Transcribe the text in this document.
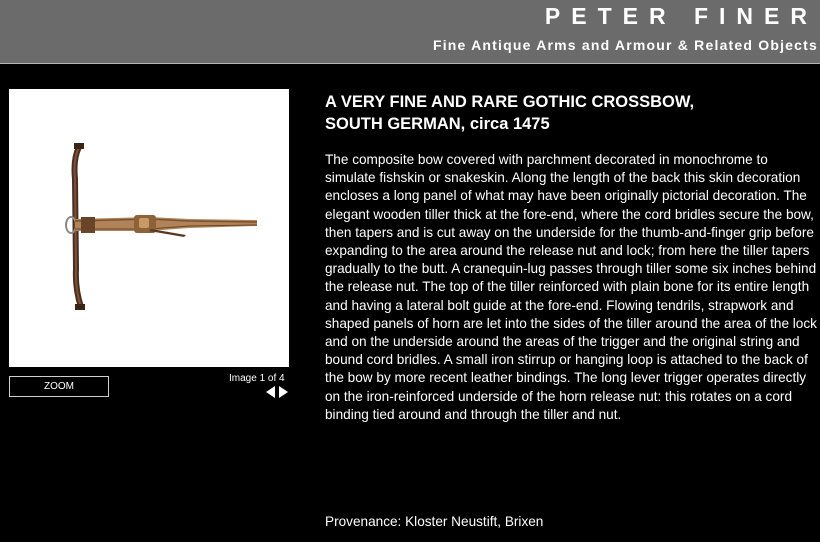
PETER FINER
Fine Antique Arms and Armour & Related Objects
ZOOM
Image 1 of 4
A VERY FINE AND RARE GOTHIC CROSSBOW,
SOUTH GERMAN, circa 1475
The composite bow covered with parchment decorated in monochrome to simulate fishskin or snakeskin. Along the length of the back this skin decoration encloses a long panel of what may have been originally pictorial decoration. The elegant wooden tiller thick at the fore-end, where the cord bridles secure the bow, then tapers and is cut away on the underside for the thumb-and-finger grip before expanding to the area around the release nut and lock; from here the tiller tapers gradually to the butt. A cranequin-lug passes through tiller some six inches behind the release nut. The top of the tiller reinforced with plain bone for its entire length and having a lateral bolt guide at the fore-end. Flowing tendrils, strapwork and shaped panels of horn are let into the sides of the tiller around the area of the lock and on the underside around the areas of the trigger and the original string and bound cord bridles. A small iron stirrup or hanging loop is attached to the back of the bow by more recent leather bindings. The long lever trigger operates directly on the iron-reinforced underside of the horn release nut: this rotates on a cord binding tied around and through the tiller and nut.
Provenance: Kloster Neustift, Brixen
